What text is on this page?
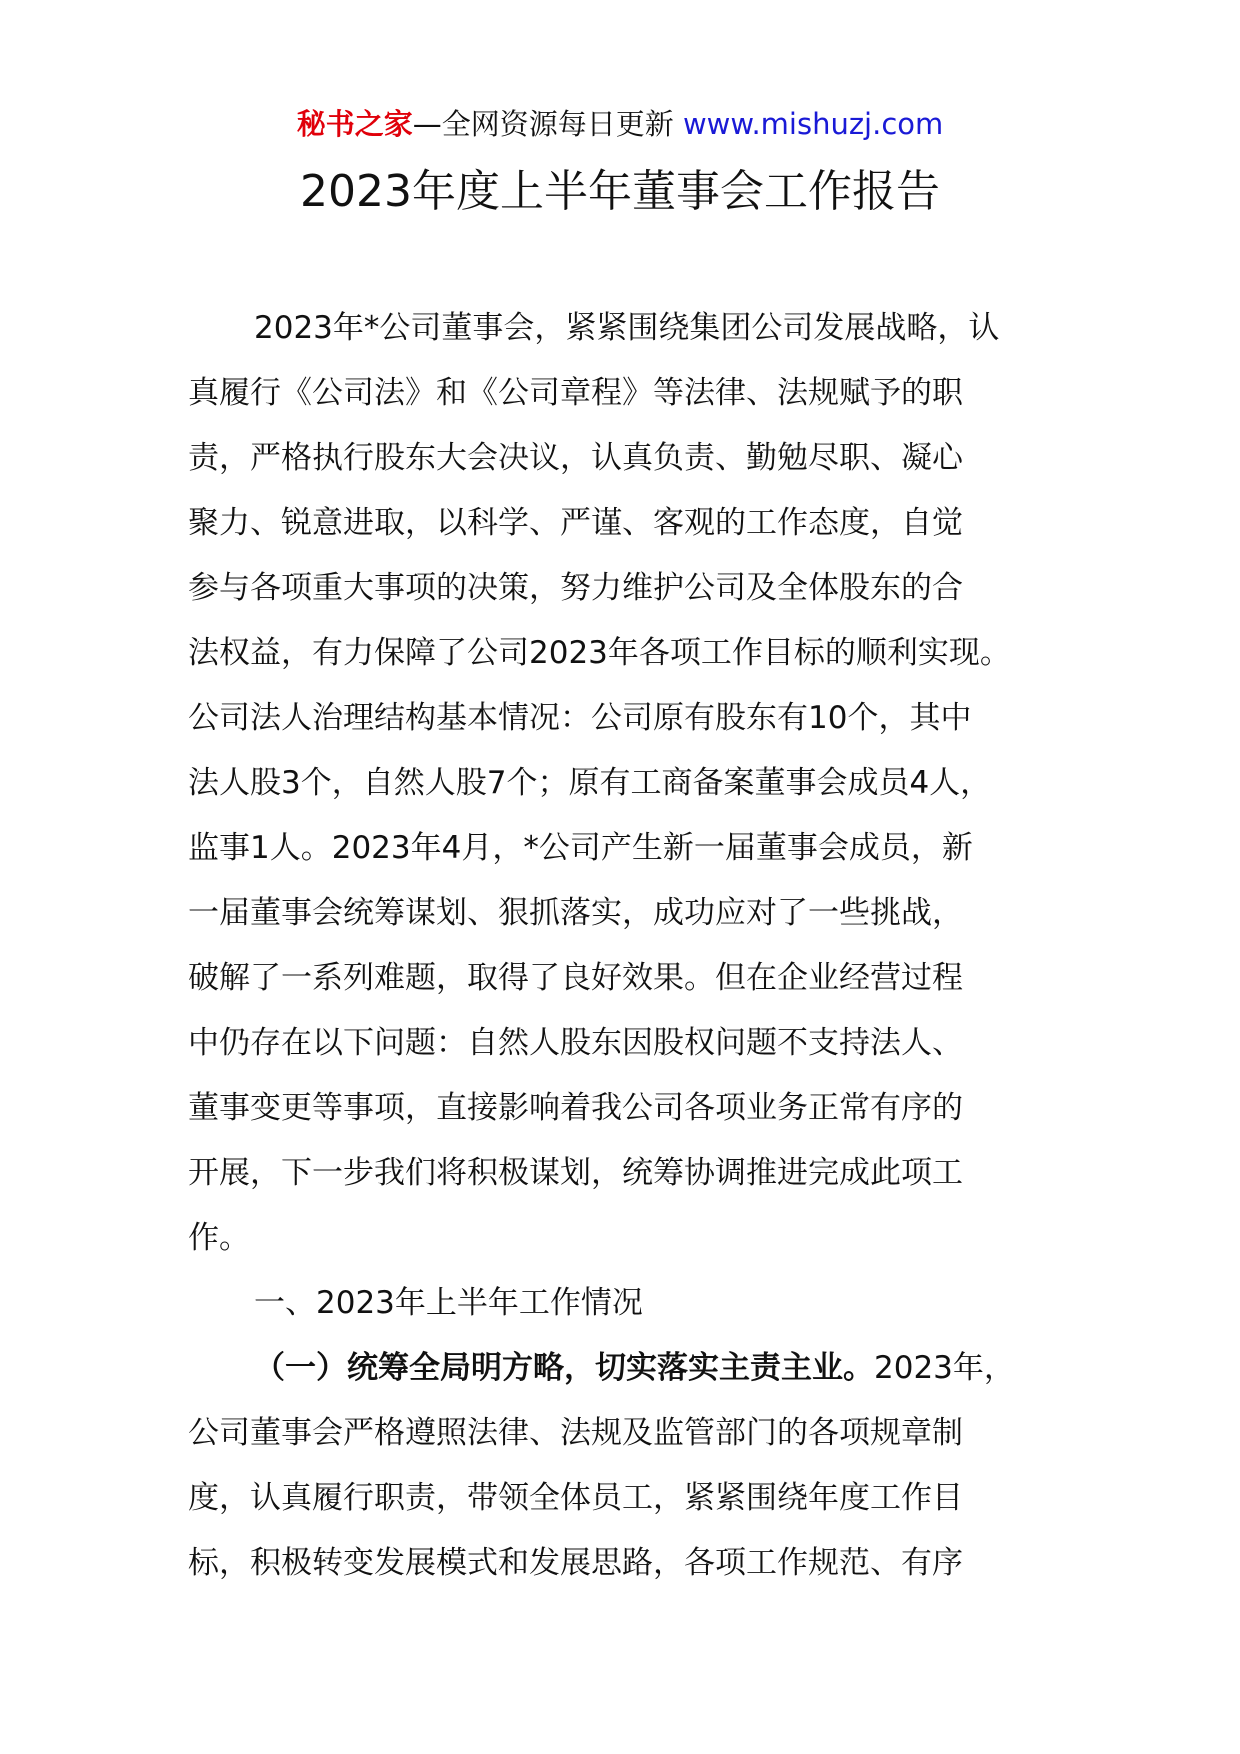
秘书之家—全网资源每日更新 www.mishuzj.com
2023年度上半年董事会工作报告
2023年*公司董事会，紧紧围绕集团公司发展战略，认
真履行《公司法》和《公司章程》等法律、法规赋予的职
责，严格执行股东大会决议，认真负责、勤勉尽职、凝心
聚力、锐意进取，以科学、严谨、客观的工作态度，自觉
参与各项重大事项的决策，努力维护公司及全体股东的合
法权益，有力保障了公司2023年各项工作目标的顺利实现。
公司法人治理结构基本情况：公司原有股东有10个，其中
法人股3个，自然人股7个；原有工商备案董事会成员4人，
监事1人。2023年4月，*公司产生新一届董事会成员，新
一届董事会统筹谋划、狠抓落实，成功应对了一些挑战，
破解了一系列难题，取得了良好效果。但在企业经营过程
中仍存在以下问题：自然人股东因股权问题不支持法人、
董事变更等事项，直接影响着我公司各项业务正常有序的
开展，下一步我们将积极谋划，统筹协调推进完成此项工
作。
一、2023年上半年工作情况
（一）统筹全局明方略，切实落实主责主业。2023年，
公司董事会严格遵照法律、法规及监管部门的各项规章制
度，认真履行职责，带领全体员工，紧紧围绕年度工作目
标，积极转变发展模式和发展思路，各项工作规范、有序
